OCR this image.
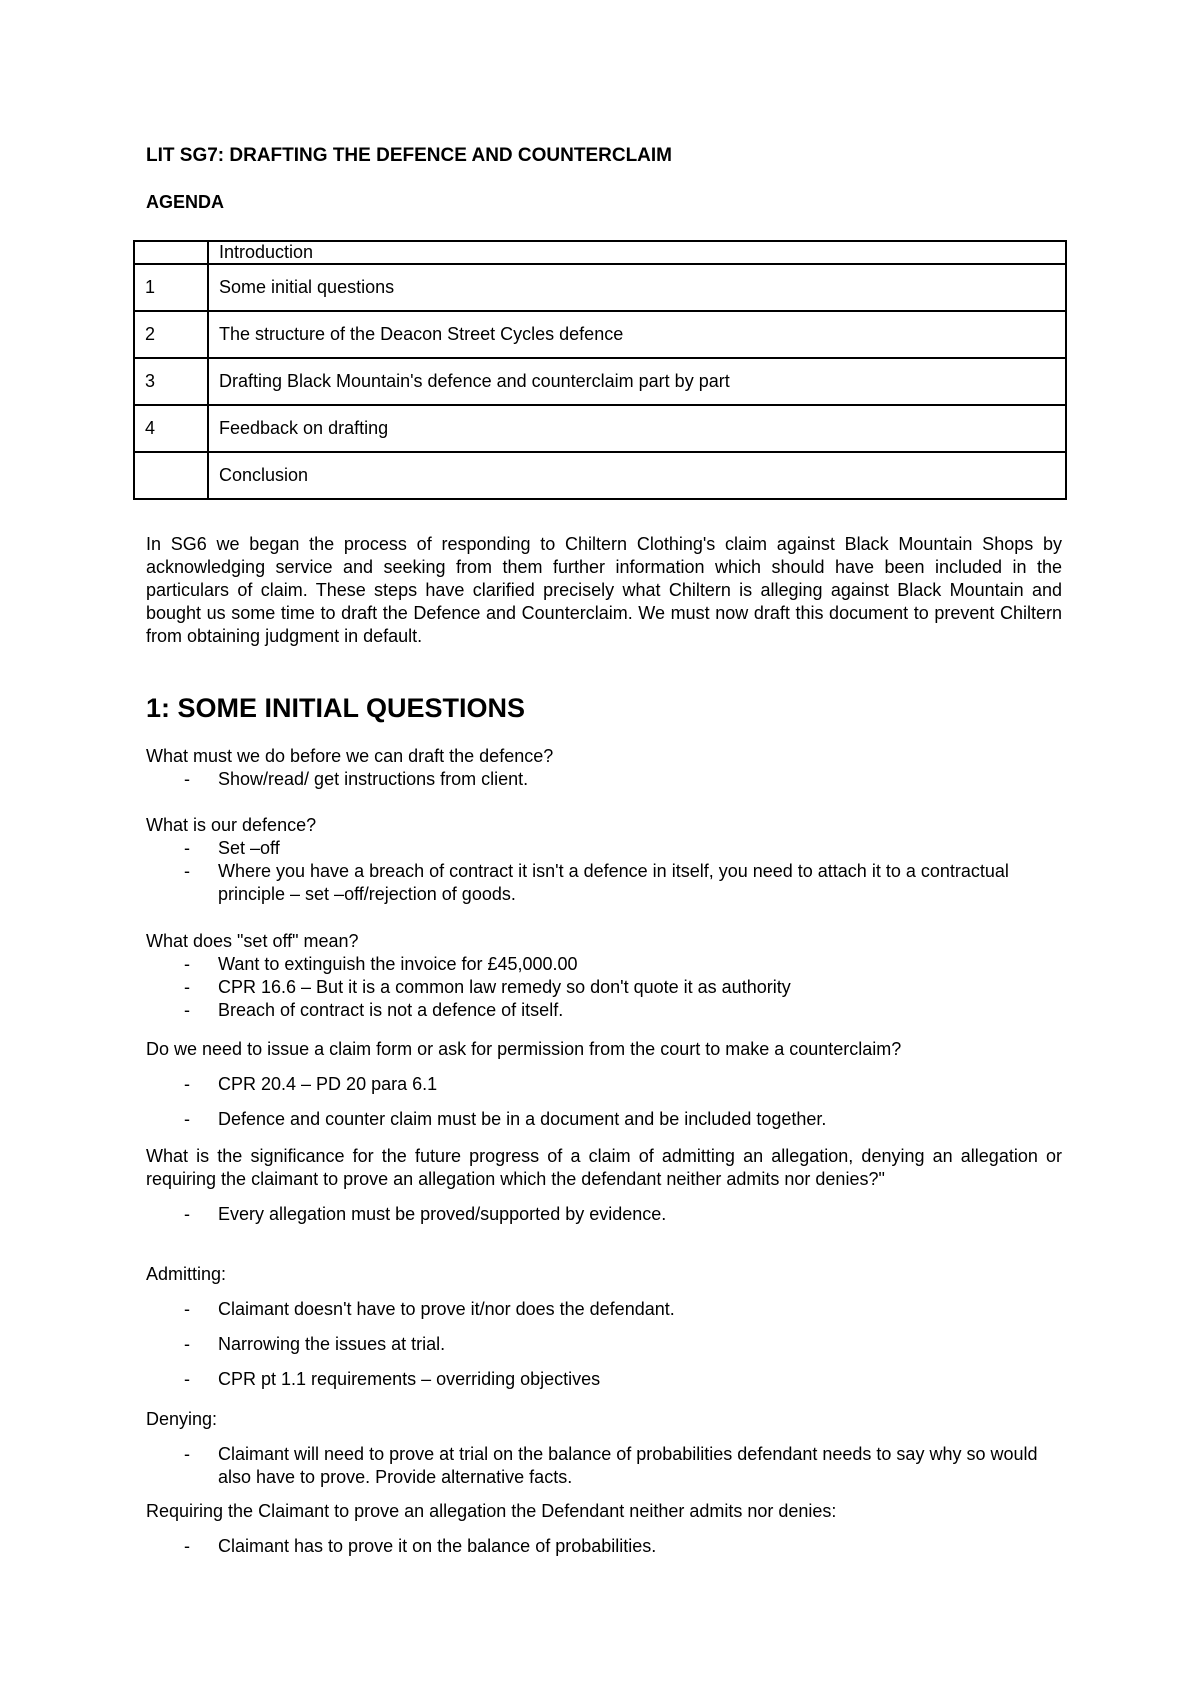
LIT SG7: DRAFTING THE DEFENCE AND COUNTERCLAIM
AGENDA
	Introduction
1	Some initial questions
2	The structure of the Deacon Street Cycles defence
3	Drafting Black Mountain's defence and counterclaim part by part
4	Feedback on drafting
	Conclusion

In SG6 we began the process of responding to Chiltern Clothing's claim against Black Mountain Shops by acknowledging service and seeking from them further information which should have been included in the particulars of claim. These steps have clarified precisely what Chiltern is alleging against Black Mountain and bought us some time to draft the Defence and Counterclaim. We must now draft this document to prevent Chiltern from obtaining judgment in default.

1: SOME INITIAL QUESTIONS

What must we do before we can draft the defence?

- Show/read/ get instructions from client.

What is our defence?

- Set –off
- Where you have a breach of contract it isn't a defence in itself, you need to attach it to a contractual principle – set –off/rejection of goods.

What does "set off" mean?

- Want to extinguish the invoice for £45,000.00
- CPR 16.6 – But it is a common law remedy so don't quote it as authority
- Breach of contract is not a defence of itself.

Do we need to issue a claim form or ask for permission from the court to make a counterclaim?

- CPR 20.4 – PD 20 para 6.1
- Defence and counter claim must be in a document and be included together.

What is the significance for the future progress of a claim of admitting an allegation, denying an allegation or requiring the claimant to prove an allegation which the defendant neither admits nor denies?"

- Every allegation must be proved/supported by evidence.

Admitting:

- Claimant doesn't have to prove it/nor does the defendant.
- Narrowing the issues at trial.
- CPR pt 1.1 requirements – overriding objectives

Denying:

- Claimant will need to prove at trial on the balance of probabilities defendant needs to say why so would also have to prove. Provide alternative facts.

Requiring the Claimant to prove an allegation the Defendant neither admits nor denies:

- Claimant has to prove it on the balance of probabilities.
